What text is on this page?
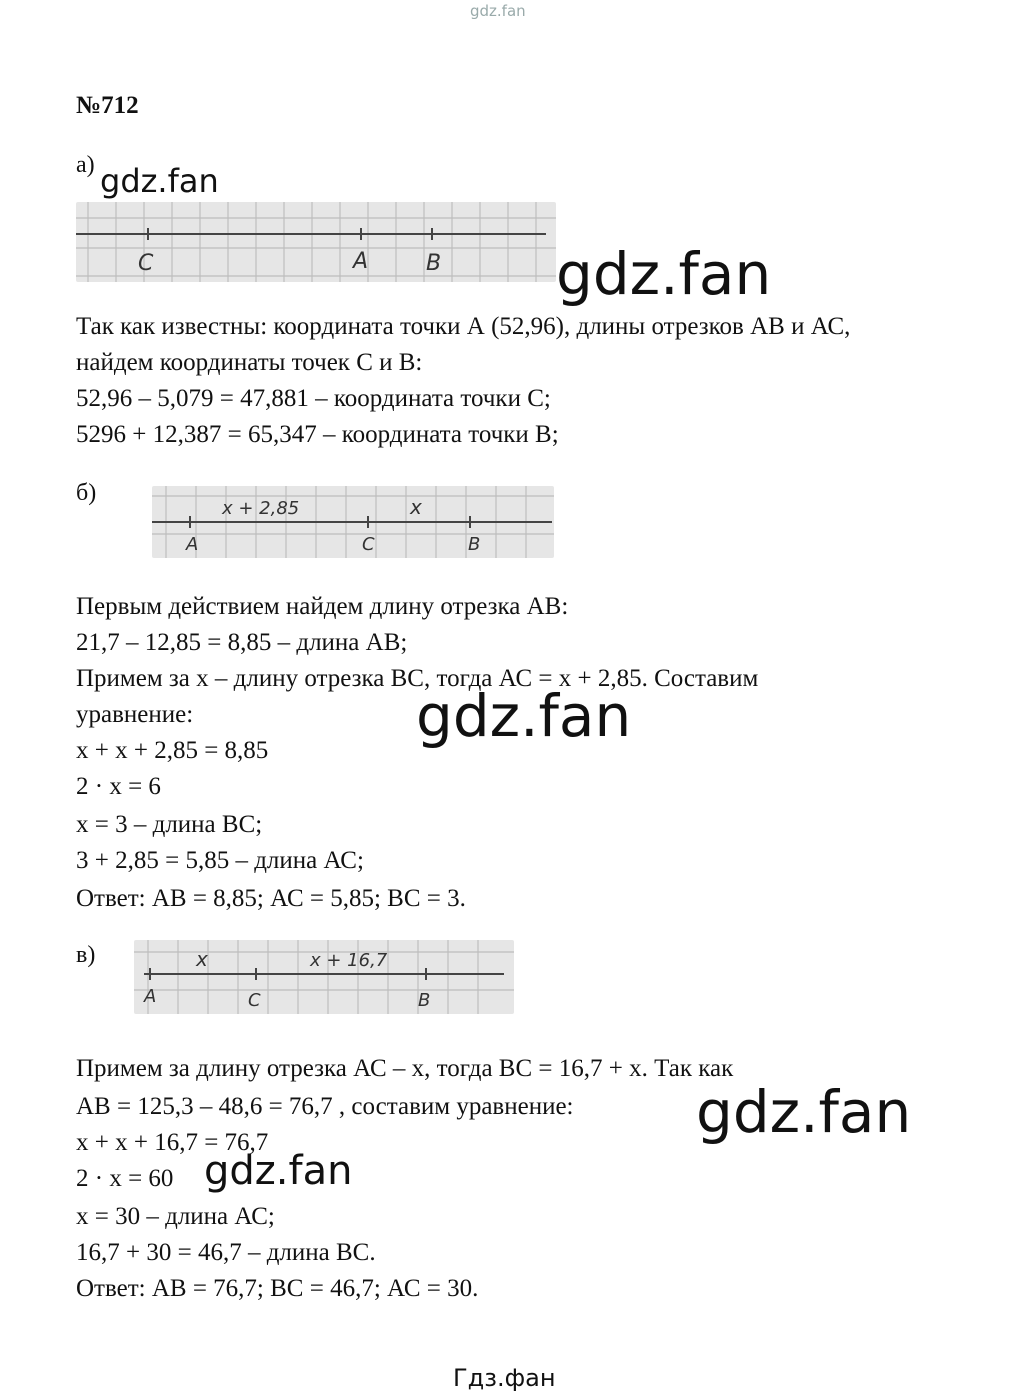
gdz.fan
№712
а) gdz.fan
C	A	B gdz.fan
Так как известны: координата точки А (52,96), длины отрезков АВ и АС,
найдем координаты точек С и В:
52,96 – 5,079 = 47,881 – координата точки С;
5296 + 12,387 = 65,347 – координата точки В;
б)
x + 2,85	x
A	C	B
Первым действием найдем длину отрезка АВ:
21,7 – 12,85 = 8,85 – длина АВ;
Примем за х – длину отрезка ВС, тогда АС = х + 2,85. Составим
уравнение:	gdz.fan
х + х + 2,85 = 8,85
2 · х = 6
х = 3 – длина ВС;
3 + 2,85 = 5,85 – длина АС;
Ответ: АВ = 8,85; АС = 5,85; ВС = 3.
в)	x	x + 16,7
A	C	B
Примем за длину отрезка АС – х, тогда ВС = 16,7 + х. Так как
АВ = 125,3 – 48,6 = 76,7 , составим уравнение: gdz.fan
х + х + 16,7 = 76,7
2 · х = 60 gdz.fan
х = 30 – длина АС;
16,7 + 30 = 46,7 – длина ВС.
Ответ: АВ = 76,7; ВС = 46,7; АС = 30.
Гдз.фан
